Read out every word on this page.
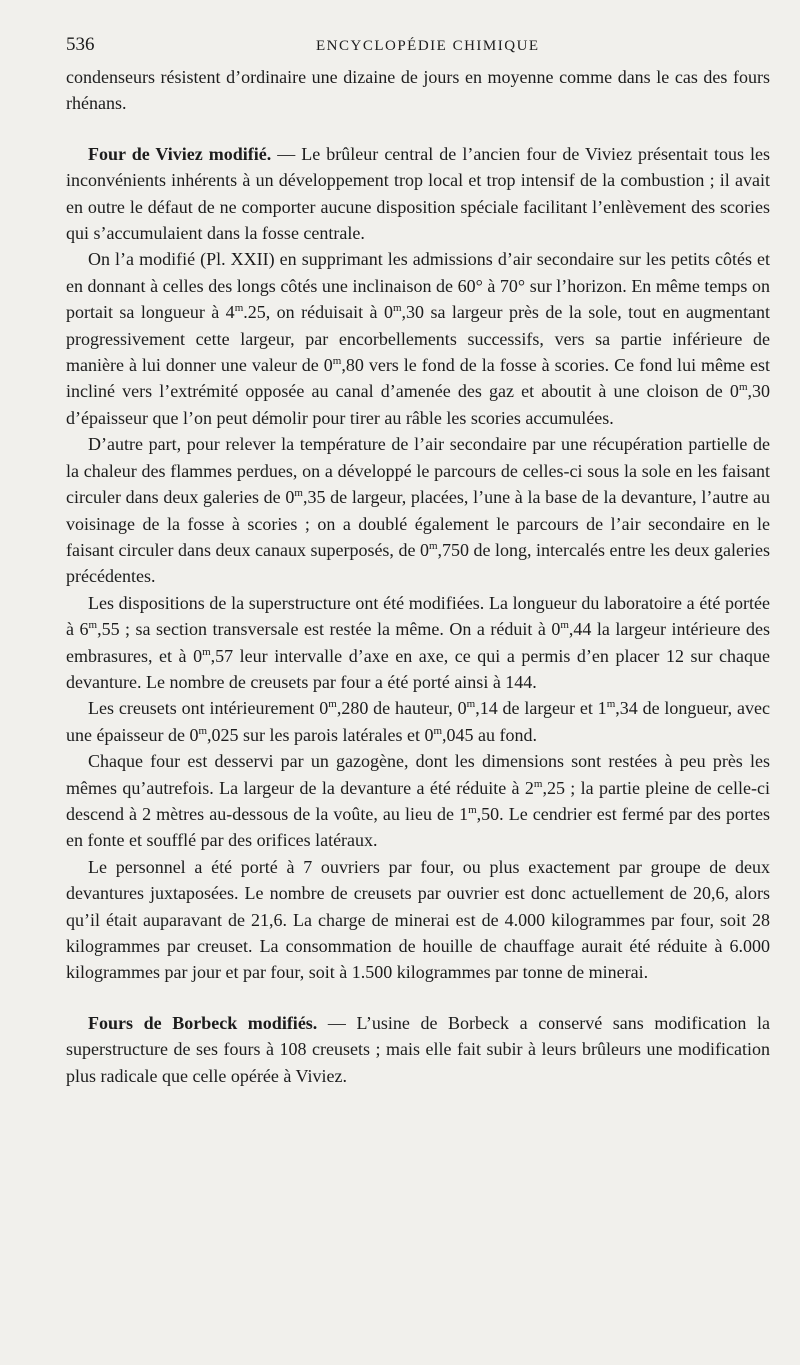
536	ENCYCLOPÉDIE CHIMIQUE

condenseurs résistent d’ordinaire une dizaine de jours en moyenne comme dans le cas des fours rhénans.

Four de Viviez modifié. — Le brûleur central de l’ancien four de Viviez présentait tous les inconvénients inhérents à un développement trop local et trop intensif de la combustion ; il avait en outre le défaut de ne comporter aucune disposition spéciale facilitant l’enlèvement des scories qui s’accumulaient dans la fosse centrale.

On l’a modifié (Pl. XXII) en supprimant les admissions d’air secondaire sur les petits côtés et en donnant à celles des longs côtés une inclinaison de 60° à 70° sur l’horizon. En même temps on portait sa longueur à 4$^m$.25, on réduisait à 0$^m$,30 sa largeur près de la sole, tout en augmentant progressivement cette largeur, par encorbellements successifs, vers sa partie inférieure de manière à lui donner une valeur de 0$^m$,80 vers le fond de la fosse à scories. Ce fond lui même est incliné vers l’extrémité opposée au canal d’amenée des gaz et aboutit à une cloison de 0$^m$,30 d’épaisseur que l’on peut démolir pour tirer au râble les scories accumulées.

D’autre part, pour relever la température de l’air secondaire par une récupération partielle de la chaleur des flammes perdues, on a développé le parcours de celles-ci sous la sole en les faisant circuler dans deux galeries de 0$^m$,35 de largeur, placées, l’une à la base de la devanture, l’autre au voisinage de la fosse à scories ; on a doublé également le parcours de l’air secondaire en le faisant circuler dans deux canaux superposés, de 0$^m$,750 de long, intercalés entre les deux galeries précédentes.

Les dispositions de la superstructure ont été modifiées. La longueur du laboratoire a été portée à 6$^m$,55 ; sa section transversale est restée la même. On a réduit à 0$^m$,44 la largeur intérieure des embrasures, et à 0$^m$,57 leur intervalle d’axe en axe, ce qui a permis d’en placer 12 sur chaque devanture. Le nombre de creusets par four a été porté ainsi à 144.

Les creusets ont intérieurement 0$^m$,280 de hauteur, 0$^m$,14 de largeur et 1$^m$,34 de longueur, avec une épaisseur de 0$^m$,025 sur les parois latérales et 0$^m$,045 au fond.

Chaque four est desservi par un gazogène, dont les dimensions sont restées à peu près les mêmes qu’autrefois. La largeur de la devanture a été réduite à 2$^m$,25 ; la partie pleine de celle-ci descend à 2 mètres au-dessous de la voûte, au lieu de 1$^m$,50. Le cendrier est fermé par des portes en fonte et soufflé par des orifices latéraux.

Le personnel a été porté à 7 ouvriers par four, ou plus exactement par groupe de deux devantures juxtaposées. Le nombre de creusets par ouvrier est donc actuellement de 20,6, alors qu’il était auparavant de 21,6. La charge de minerai est de 4.000 kilogrammes par four, soit 28 kilogrammes par creuset. La consommation de houille de chauffage aurait été réduite à 6.000 kilogrammes par jour et par four, soit à 1.500 kilogrammes par tonne de minerai.

Fours de Borbeck modifiés. — L’usine de Borbeck a conservé sans modification la superstructure de ses fours à 108 creusets ; mais elle fait subir à leurs brûleurs une modification plus radicale que celle opérée à Viviez.
